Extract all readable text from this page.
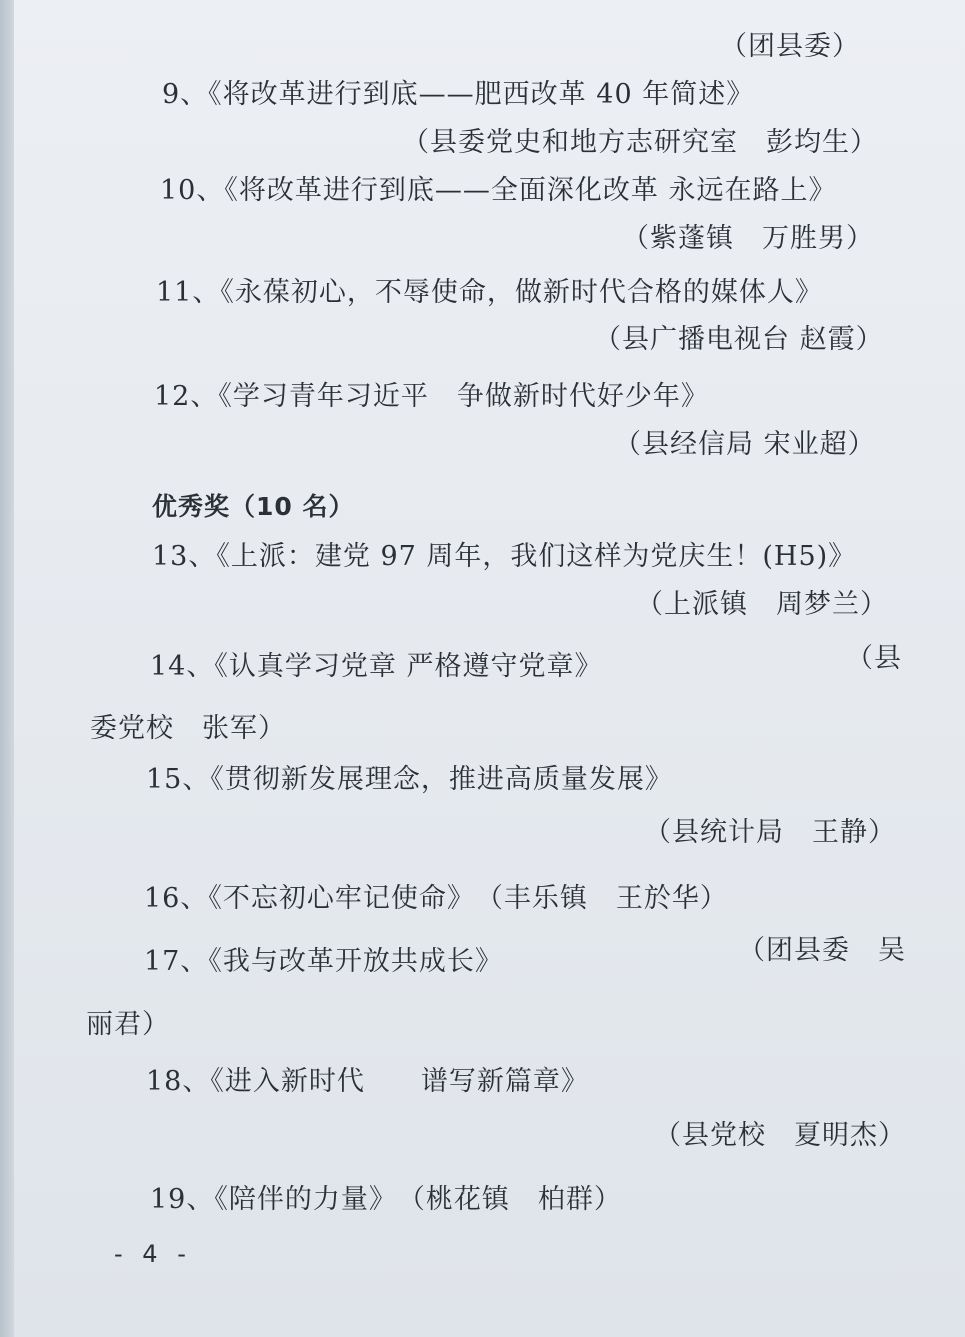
（团县委）
9、《将改革进行到底——肥西改革 40 年简述》
（县委党史和地方志研究室　彭均生）
10、《将改革进行到底——全面深化改革 永远在路上》
（紫蓬镇　万胜男）
11、《永葆初心，不辱使命，做新时代合格的媒体人》
（县广播电视台 赵霞）
12、《学习青年习近平　争做新时代好少年》
（县经信局 宋业超）
优秀奖（10 名）
13、《上派：建党 97 周年，我们这样为党庆生！(H5)》
（上派镇　周梦兰）
14、《认真学习党章 严格遵守党章》	（县
委党校　张军）
15、《贯彻新发展理念，推进高质量发展》
（县统计局　王静）
16、《不忘初心牢记使命》　（丰乐镇　王於华）
17、《我与改革开放共成长》	（团县委　吴
丽君）
18、《进入新时代　　谱写新篇章》
（县党校　夏明杰）
19、《陪伴的力量》　（桃花镇　柏群）
- 4 -
